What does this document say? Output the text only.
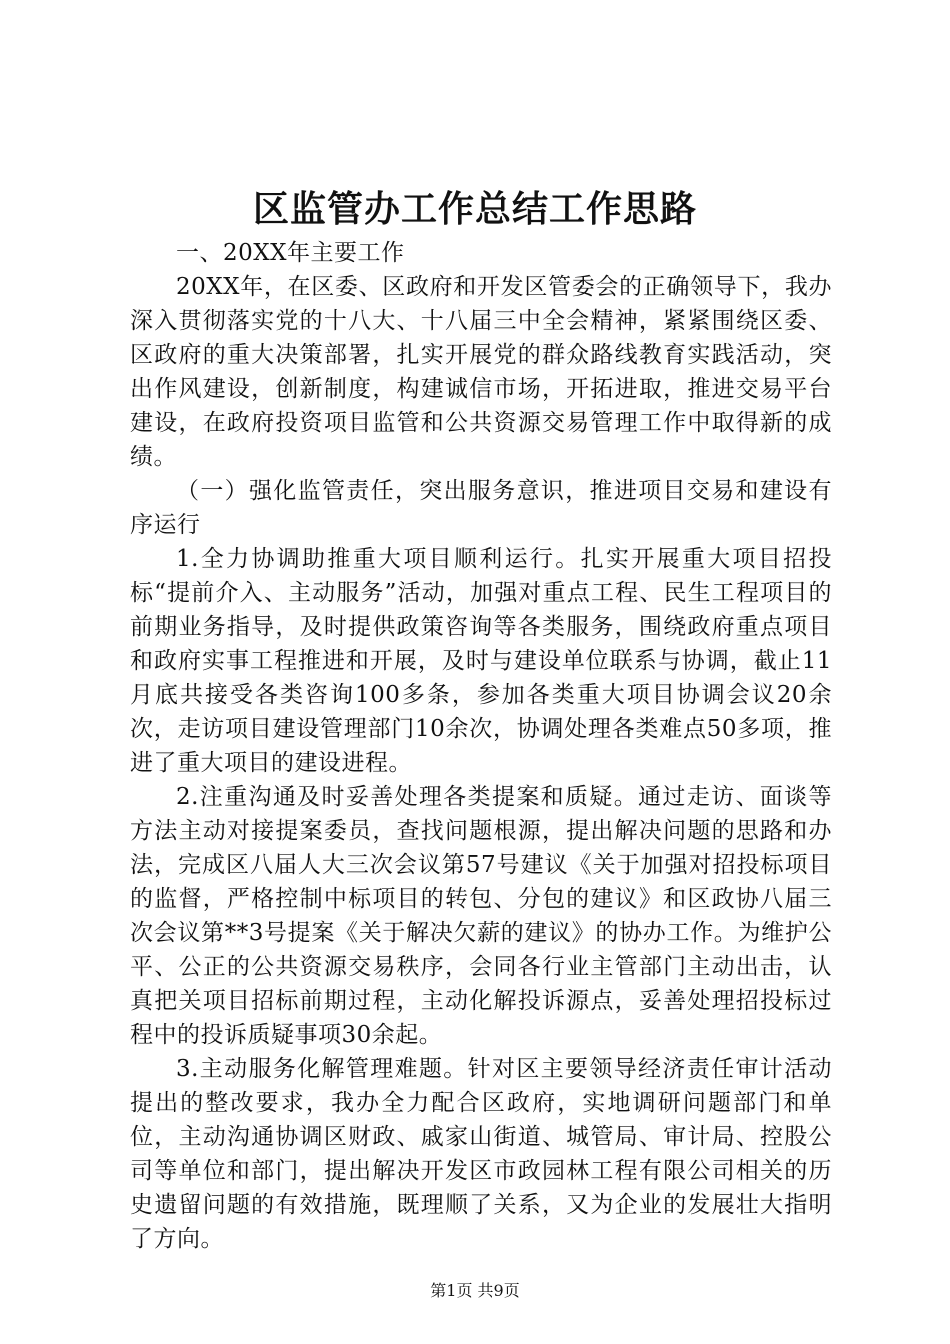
区监管办工作总结工作思路

一、20XX年主要工作

20XX年，在区委、区政府和开发区管委会的正确领导下，我办深入贯彻落实党的十八大、十八届三中全会精神，紧紧围绕区委、区政府的重大决策部署，扎实开展党的群众路线教育实践活动，突出作风建设，创新制度，构建诚信市场，开拓进取，推进交易平台建设，在政府投资项目监管和公共资源交易管理工作中取得新的成绩。

（一）强化监管责任，突出服务意识，推进项目交易和建设有序运行

1.全力协调助推重大项目顺利运行。扎实开展重大项目招投标“提前介入、主动服务”活动，加强对重点工程、民生工程项目的前期业务指导，及时提供政策咨询等各类服务，围绕政府重点项目和政府实事工程推进和开展，及时与建设单位联系与协调，截止11月底共接受各类咨询100多条，参加各类重大项目协调会议20余次，走访项目建设管理部门10余次，协调处理各类难点50多项，推进了重大项目的建设进程。

2.注重沟通及时妥善处理各类提案和质疑。通过走访、面谈等方法主动对接提案委员，查找问题根源，提出解决问题的思路和办法，完成区八届人大三次会议第57号建议《关于加强对招投标项目的监督，严格控制中标项目的转包、分包的建议》和区政协八届三次会议第**3号提案《关于解决欠薪的建议》的协办工作。为维护公平、公正的公共资源交易秩序，会同各行业主管部门主动出击，认真把关项目招标前期过程，主动化解投诉源点，妥善处理招投标过程中的投诉质疑事项30余起。

3.主动服务化解管理难题。针对区主要领导经济责任审计活动提出的整改要求，我办全力配合区政府，实地调研问题部门和单位，主动沟通协调区财政、戚家山街道、城管局、审计局、控股公司等单位和部门，提出解决开发区市政园林工程有限公司相关的历史遗留问题的有效措施，既理顺了关系，又为企业的发展壮大指明了方向。

第1页 共9页
